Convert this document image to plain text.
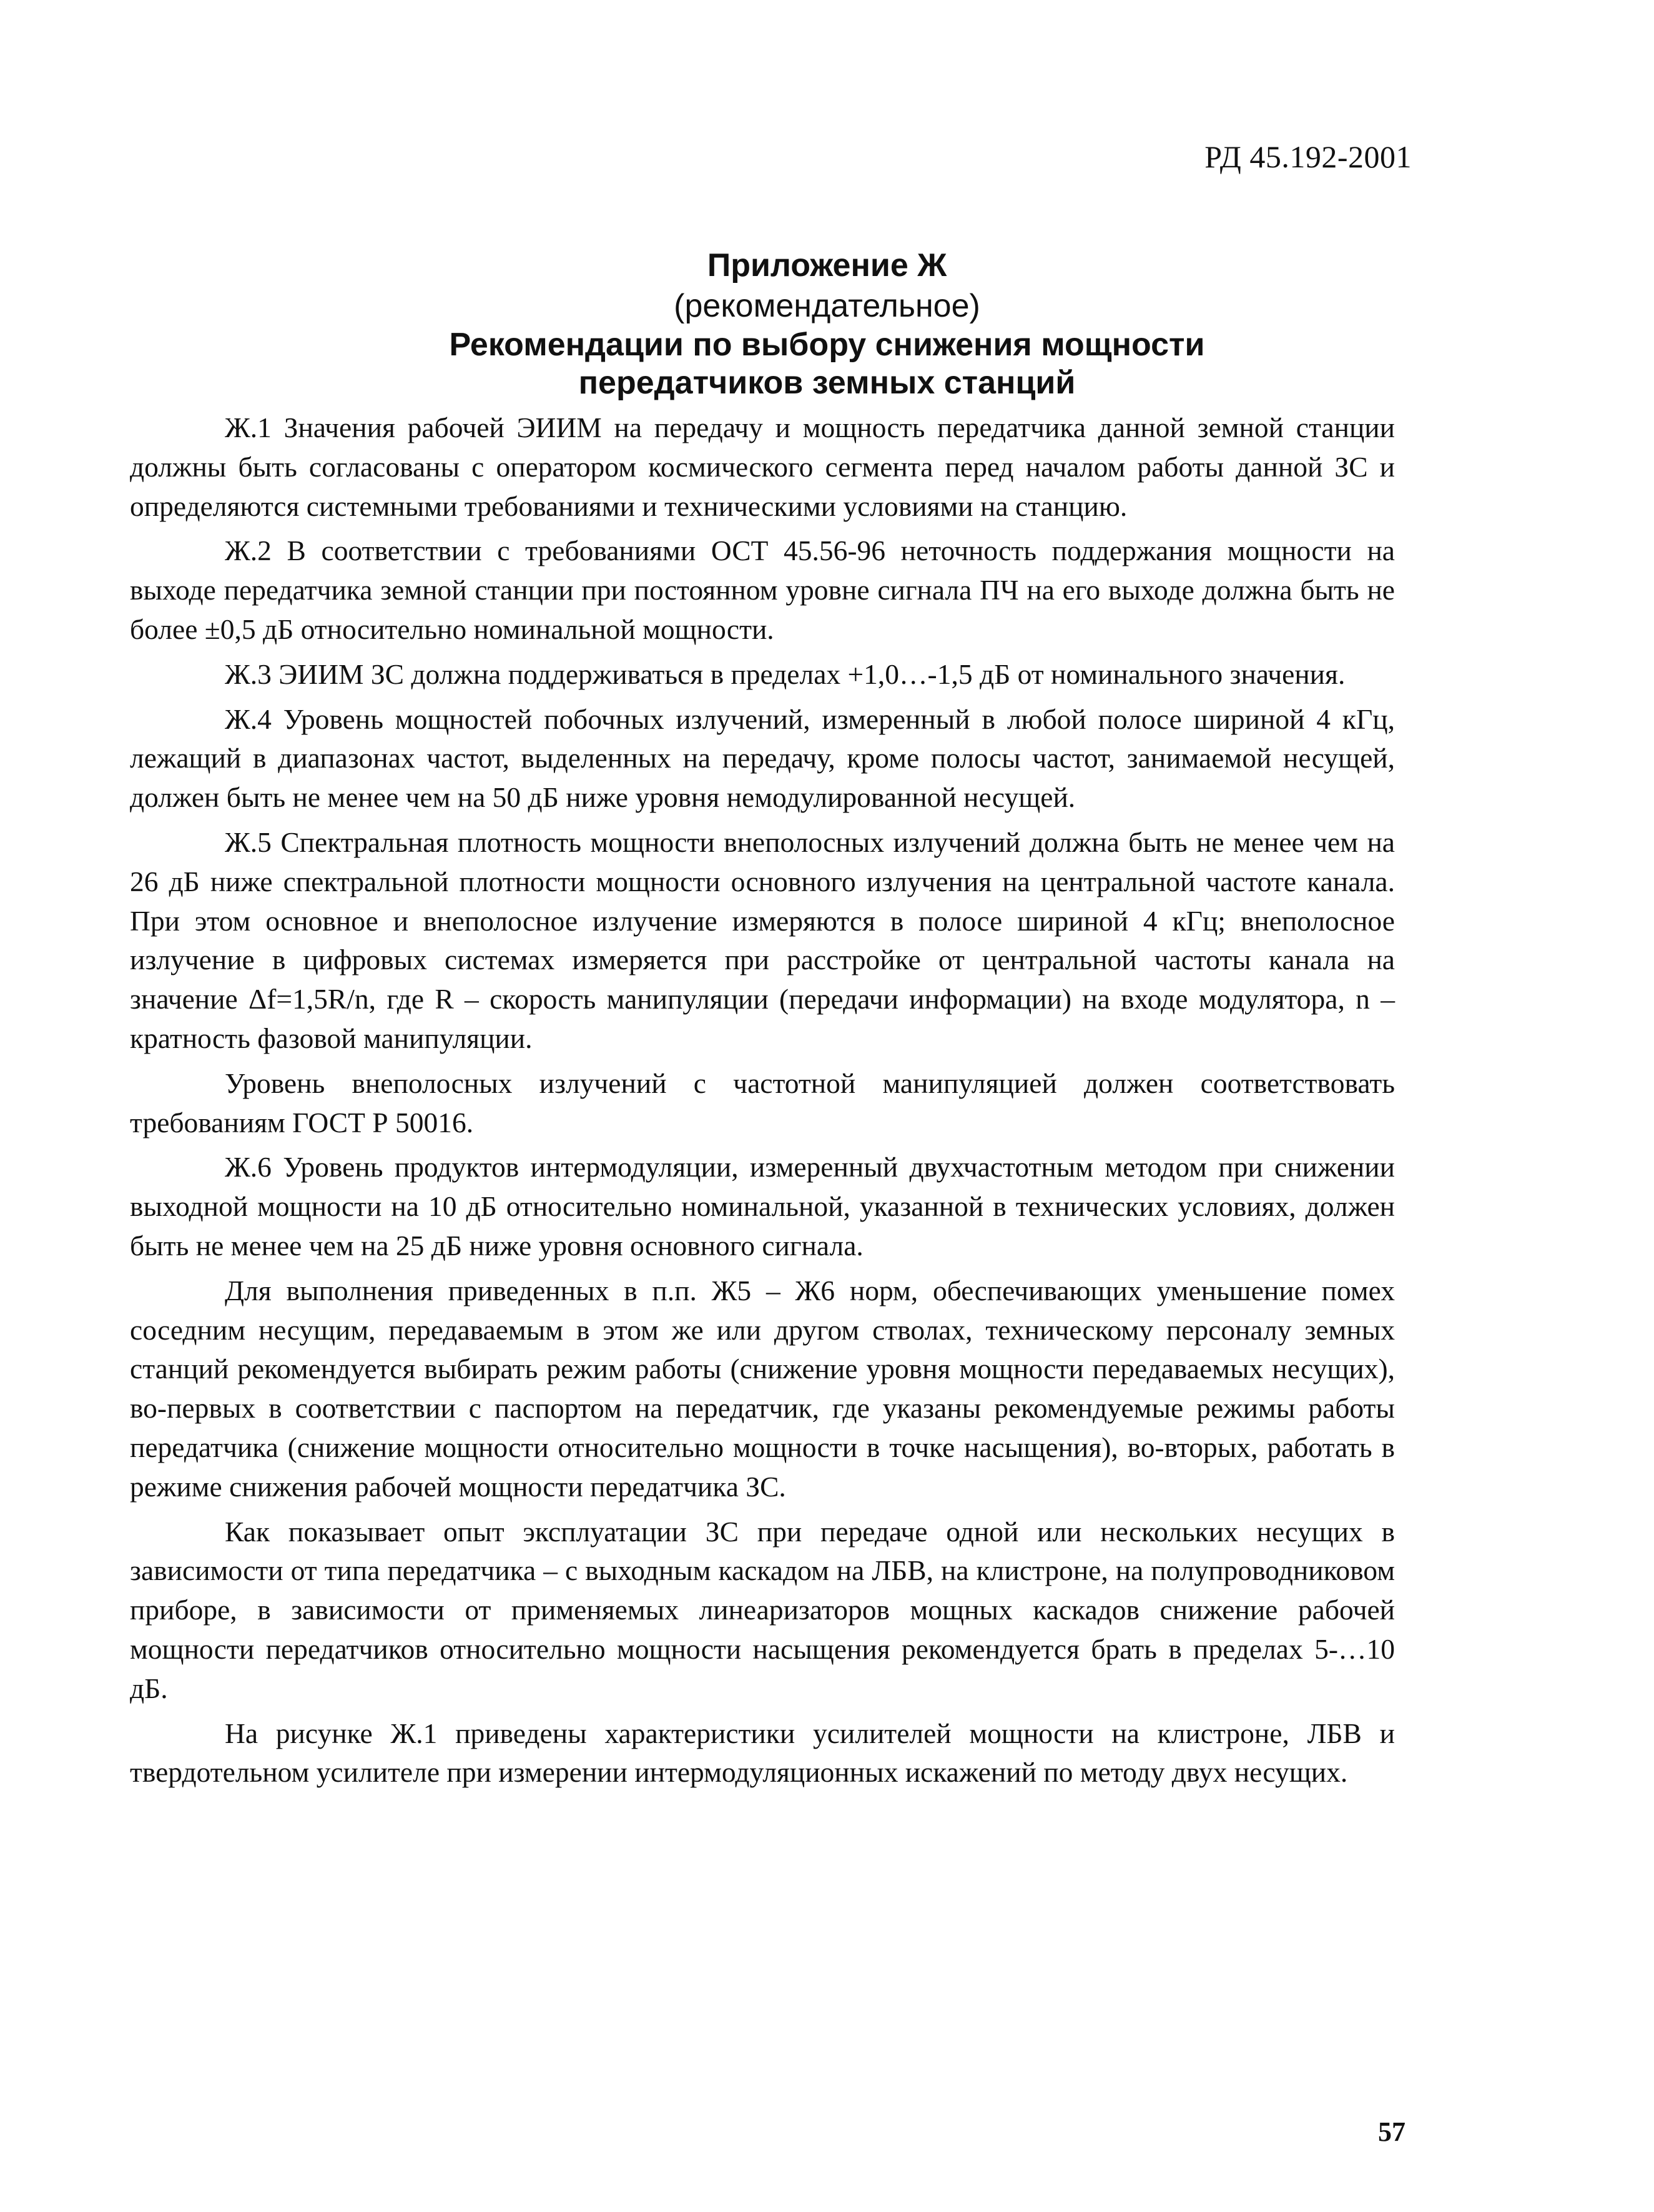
РД 45.192-2001
Приложение Ж
(рекомендательное)
Рекомендации по выбору снижения мощности
передатчиков земных станций

Ж.1 Значения рабочей ЭИИМ на передачу и мощность передатчика данной земной станции должны быть согласованы с оператором космического сегмента перед началом работы данной ЗС и определяются системными требованиями и техническими условиями на станцию.

Ж.2 В соответствии с требованиями ОСТ 45.56-96 неточность поддержания мощности на выходе передатчика земной станции при постоянном уровне сигнала ПЧ на его выходе должна быть не более ±0,5 дБ относительно номинальной мощности.

Ж.3 ЭИИМ ЗС должна поддерживаться в пределах +1,0…-1,5 дБ от номинального значения.

Ж.4 Уровень мощностей побочных излучений, измеренный в любой полосе шириной 4 кГц, лежащий в диапазонах частот, выделенных на передачу, кроме полосы частот, занимаемой несущей, должен быть не менее чем на 50 дБ ниже уровня немодулированной несущей.

Ж.5 Спектральная плотность мощности внеполосных излучений должна быть не менее чем на 26 дБ ниже спектральной плотности мощности основного излучения на центральной частоте канала. При этом основное и внеполосное излучение измеряются в полосе шириной 4 кГц; внеполосное излучение в цифровых системах измеряется при расстройке от центральной частоты канала на значение Δf=1,5R/n, где R – скорость манипуляции (передачи информации) на входе модулятора, n – кратность фазовой манипуляции.

Уровень внеполосных излучений с частотной манипуляцией должен соответствовать требованиям ГОСТ Р 50016.

Ж.6 Уровень продуктов интермодуляции, измеренный двухчастотным методом при снижении выходной мощности на 10 дБ относительно номинальной, указанной в технических условиях, должен быть не менее чем на 25 дБ ниже уровня основного сигнала.

Для выполнения приведенных в п.п. Ж5 – Ж6 норм, обеспечивающих уменьшение помех соседним несущим, передаваемым в этом же или другом стволах, техническому персоналу земных станций рекомендуется выбирать режим работы (снижение уровня мощности передаваемых несущих), во-первых в соответствии с паспортом на передатчик, где указаны рекомендуемые режимы работы передатчика (снижение мощности относительно мощности в точке насыщения), во-вторых, работать в режиме снижения рабочей мощности передатчика ЗС.

Как показывает опыт эксплуатации ЗС при передаче одной или нескольких несущих в зависимости от типа передатчика – с выходным каскадом на ЛБВ, на клистроне, на полупроводниковом приборе, в зависимости от применяемых линеаризаторов мощных каскадов снижение рабочей мощности передатчиков относительно мощности насыщения рекомендуется брать в пределах 5-…10 дБ.

На рисунке Ж.1 приведены характеристики усилителей мощности на клистроне, ЛБВ и твердотельном усилителе при измерении интермодуляционных искажений по методу двух несущих.

57
